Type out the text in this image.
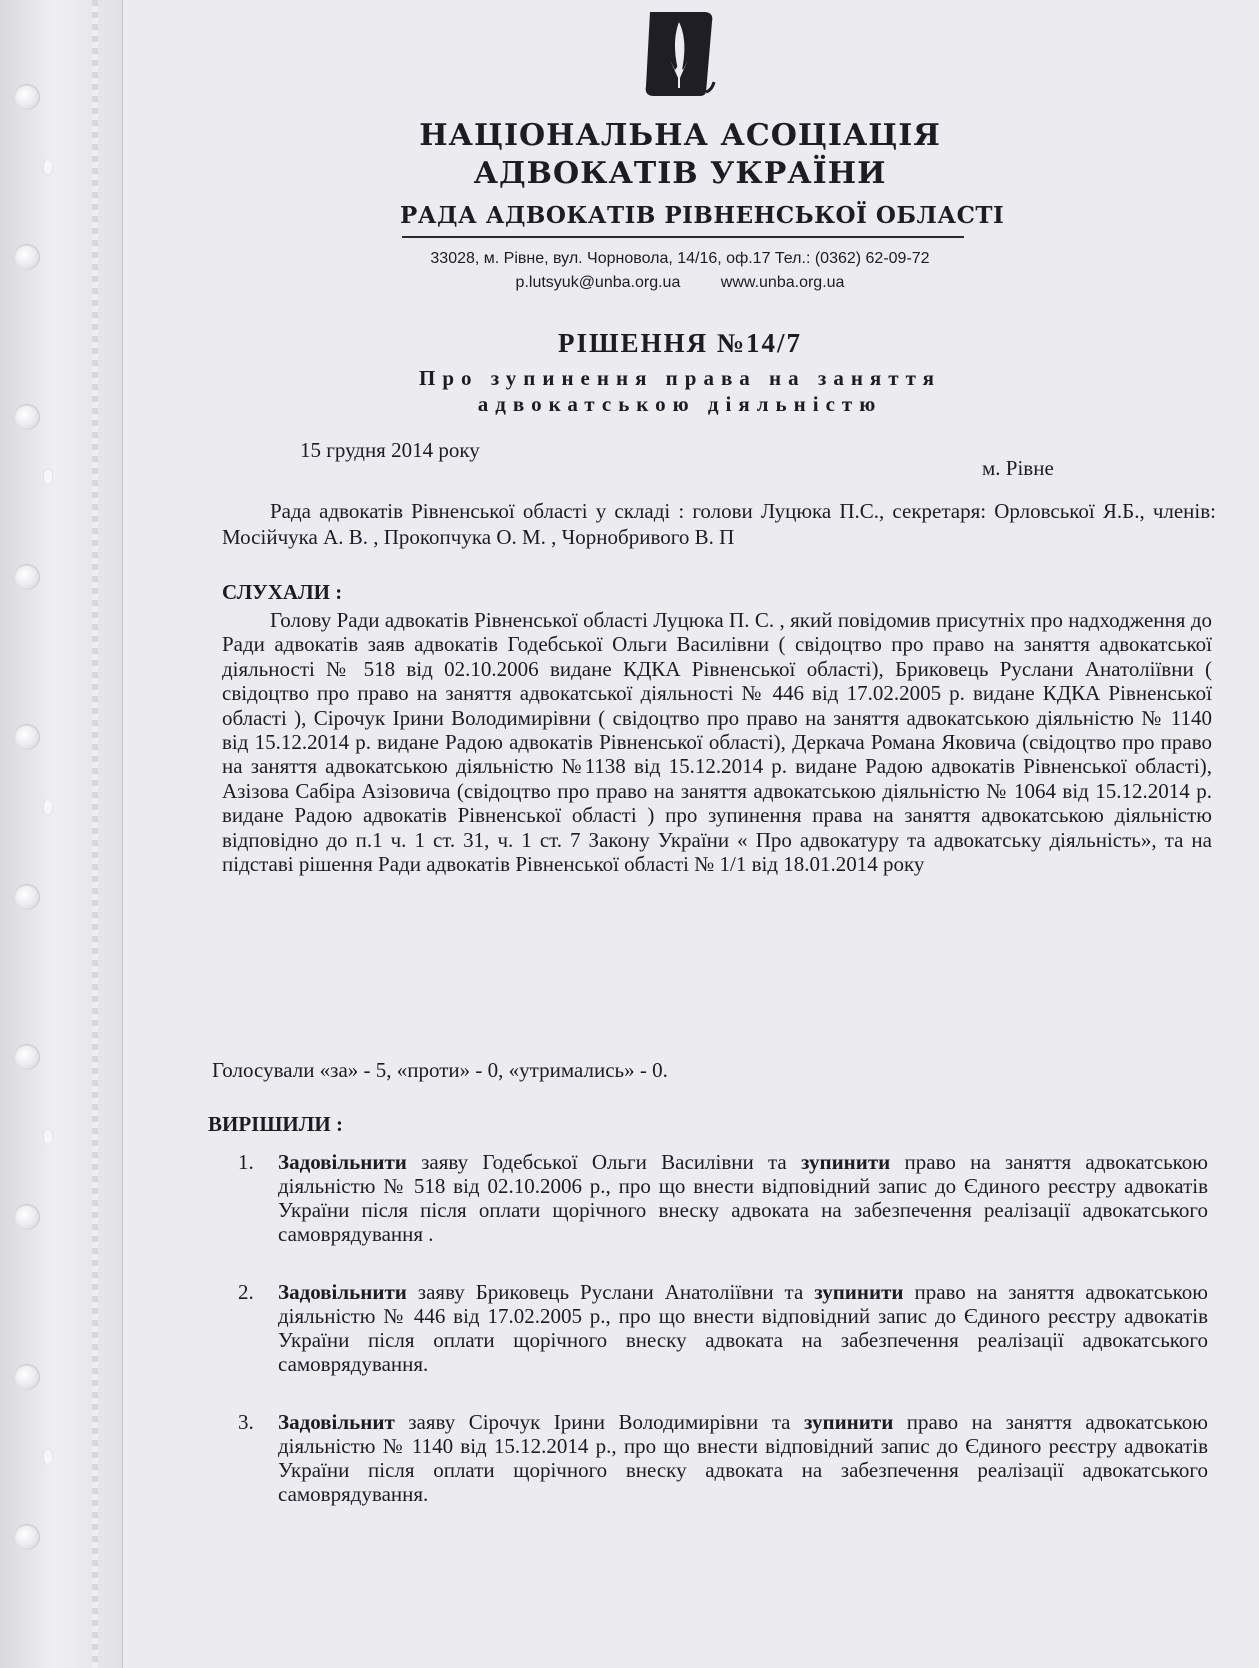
НАЦІОНАЛЬНА АСОЦІАЦІЯ
АДВОКАТІВ УКРАЇНИ
РАДА АДВОКАТІВ РІВНЕНСЬКОЇ ОБЛАСТІ
33028, м. Рівне, вул. Чорновола, 14/16, оф.17 Тел.: (0362) 62-09-72
p.lutsyuk@unba.org.ua	www.unba.org.ua
РІШЕННЯ №14/7
Про зупинення права на заняття
адвокатською діяльністю
15 грудня 2014 року
м. Рівне
Рада адвокатів Рівненської області у складі : голови Луцюка П.С., секретаря: Орловської Я.Б., членів: Мосійчука А. В. , Прокопчука О. М. , Чорнобривого В. П
СЛУХАЛИ :
Голову Ради адвокатів Рівненської області Луцюка П. С. , який повідомив присутніх про надходження до Ради адвокатів заяв адвокатів Годебської Ольги Василівни ( свідоцтво про право на заняття адвокатської діяльності № 518 від 02.10.2006 видане КДКА Рівненської області), Бриковець Руслани Анатоліївни ( свідоцтво про право на заняття адвокатської діяльності № 446 від 17.02.2005 р. видане КДКА Рівненської області ), Сірочук Ірини Володимирівни ( свідоцтво про право на заняття адвокатською діяльністю № 1140 від 15.12.2014 р. видане Радою адвокатів Рівненської області), Деркача Романа Яковича (свідоцтво про право на заняття адвокатською діяльністю №1138 від 15.12.2014 р. видане Радою адвокатів Рівненської області), Азізова Сабіра Азізовича (свідоцтво про право на заняття адвокатською діяльністю № 1064 від 15.12.2014 р. видане Радою адвокатів Рівненської області ) про зупинення права на заняття адвокатською діяльністю відповідно до п.1 ч. 1 ст. 31, ч. 1 ст. 7 Закону України « Про адвокатуру та адвокатську діяльність», та на підставі рішення Ради адвокатів Рівненської області № 1/1 від 18.01.2014 року
Голосували «за» - 5, «проти» - 0, «утримались» - 0.
ВИРІШИЛИ :
1. Задовільнити заяву Годебської Ольги Василівни та зупинити право на заняття адвокатською діяльністю № 518 від 02.10.2006 р., про що внести відповідний запис до Єдиного реєстру адвокатів України після після оплати щорічного внеску адвоката на забезпечення реалізації адвокатського самоврядування .
2. Задовільнити заяву Бриковець Руслани Анатоліївни та зупинити право на заняття адвокатською діяльністю № 446 від 17.02.2005 р., про що внести відповідний запис до Єдиного реєстру адвокатів України після оплати щорічного внеску адвоката на забезпечення реалізації адвокатського самоврядування.
3. Задовільнит заяву Сірочук Ірини Володимирівни та зупинити право на заняття адвокатською діяльністю № 1140 від 15.12.2014 р., про що внести відповідний запис до Єдиного реєстру адвокатів України після оплати щорічного внеску адвоката на забезпечення реалізації адвокатського самоврядування.
